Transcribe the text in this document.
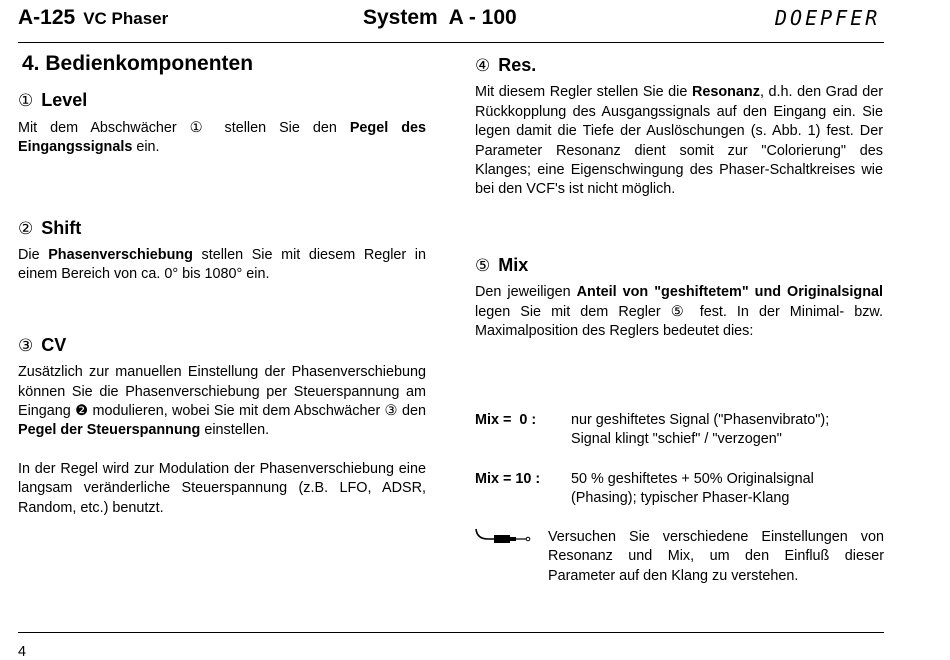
A-125 VC Phaser	System  A - 100	DOEPFER
4. Bedienkomponenten
① Level

Mit dem Abschwächer ① stellen Sie den Pegel des Eingangssignals ein.

② Shift

Die Phasenverschiebung stellen Sie mit diesem Regler in einem Bereich von ca. 0° bis 1080° ein.

③ CV

Zusätzlich zur manuellen Einstellung der Phasenverschiebung können Sie die Phasenverschiebung per Steuerspannung am Eingang ❷ modulieren, wobei Sie mit dem Abschwächer ③ den Pegel der Steuerspannung einstellen.

In der Regel wird zur Modulation der Phasenverschiebung eine langsam veränderliche Steuerspannung (z.B. LFO, ADSR, Random, etc.) benutzt.

④ Res.

Mit diesem Regler stellen Sie die Resonanz, d.h. den Grad der Rückkopplung des Ausgangssignals auf den Eingang ein. Sie legen damit die Tiefe der Auslöschungen (s. Abb. 1) fest. Der Parameter Resonanz dient somit zur "Colorierung" des Klanges; eine Eigenschwingung des Phaser-Schaltkreises wie bei den VCF's ist nicht möglich.

⑤ Mix

Den jeweiligen Anteil von "geshiftetem" und Originalsignal legen Sie mit dem Regler ⑤ fest. In der Minimal- bzw. Maximalposition des Reglers bedeutet dies:

Mix =  0 : nur geshiftetes Signal ("Phasenvibrato");
Signal klingt "schief" / "verzogen"
Mix = 10 : 50 % geshiftetes + 50% Originalsignal
(Phasing); typischer Phaser-Klang
Versuchen Sie verschiedene Einstellungen von Resonanz und Mix, um den Einfluß dieser Parameter auf den Klang zu verstehen.
4
